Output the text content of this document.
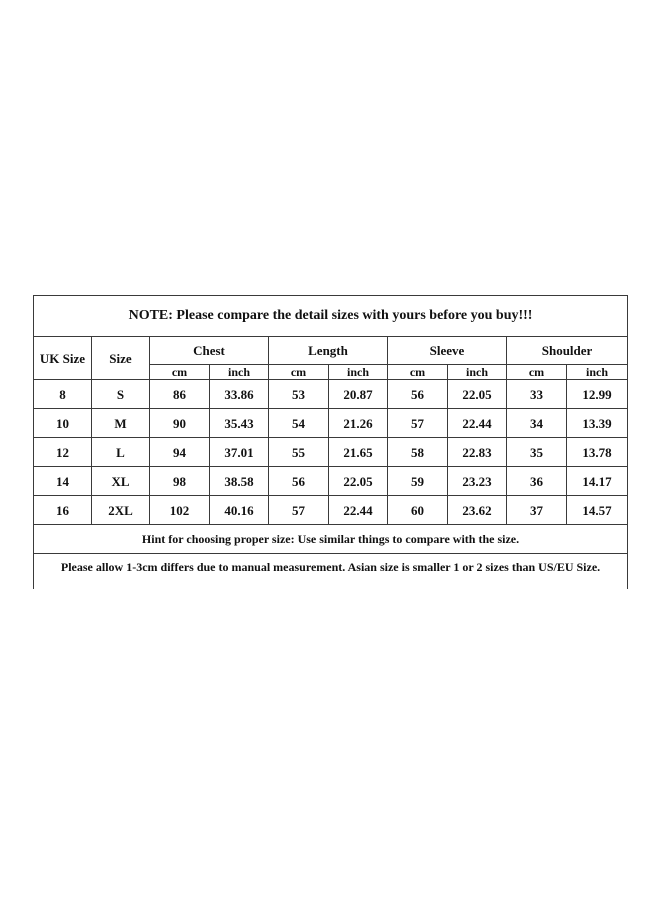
NOTE: Please compare the detail sizes with yours before you buy!!!									
UK Size	Size	Chest		Length		Sleeve		Shoulder	
		cm	inch	cm	inch	cm	inch	cm	inch
8	S	86	33.86	53	20.87	56	22.05	33	12.99
10	M	90	35.43	54	21.26	57	22.44	34	13.39
12	L	94	37.01	55	21.65	58	22.83	35	13.78
14	XL	98	38.58	56	22.05	59	23.23	36	14.17
16	2XL	102	40.16	57	22.44	60	23.62	37	14.57
Hint for choosing proper size: Use similar things to compare with the size.									
Please allow 1-3cm differs due to manual measurement. Asian size is smaller 1 or 2 sizes than US/EU Size.									
